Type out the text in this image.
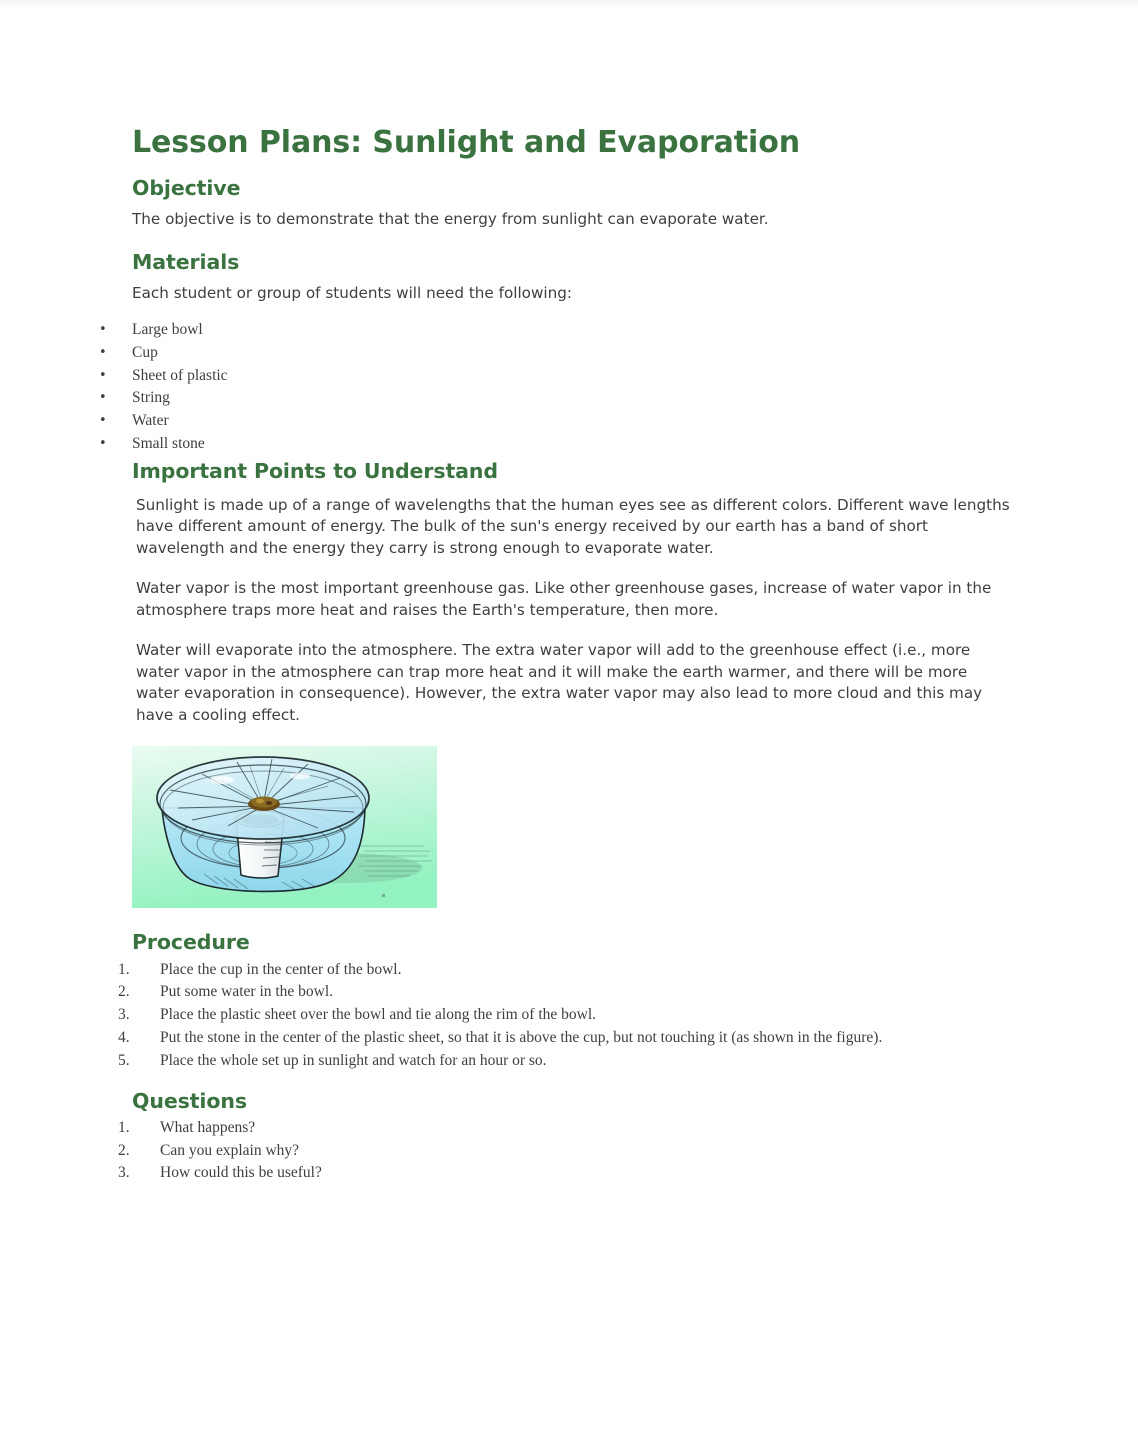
Lesson Plans: Sunlight and Evaporation
Objective

The objective is to demonstrate that the energy from sunlight can evaporate water.

Materials

Each student or group of students will need the following:

•	Large bowl
•	Cup
•	Sheet of plastic
•	String
•	Water
•	Small stone
Important Points to Understand

Sunlight is made up of a range of wavelengths that the human eyes see as different colors. Different wave lengths have different amount of energy. The bulk of the sun's energy received by our earth has a band of short wavelength and the energy they carry is strong enough to evaporate water.

Water vapor is the most important greenhouse gas. Like other greenhouse gases, increase of water vapor in the atmosphere traps more heat and raises the Earth's temperature, then more.

Water will evaporate into the atmosphere. The extra water vapor will add to the greenhouse effect (i.e., more water vapor in the atmosphere can trap more heat and it will make the earth warmer, and there will be more water evaporation in consequence). However, the extra water vapor may also lead to more cloud and this may have a cooling effect.

Procedure
1.	Place the cup in the center of the bowl.
2.	Put some water in the bowl.
3.	Place the plastic sheet over the bowl and tie along the rim of the bowl.
4.	Put the stone in the center of the plastic sheet, so that it is above the cup, but not touching it (as shown in the figure).
5.	Place the whole set up in sunlight and watch for an hour or so.
Questions
1.	What happens?
2.	Can you explain why?
3.	How could this be useful?
